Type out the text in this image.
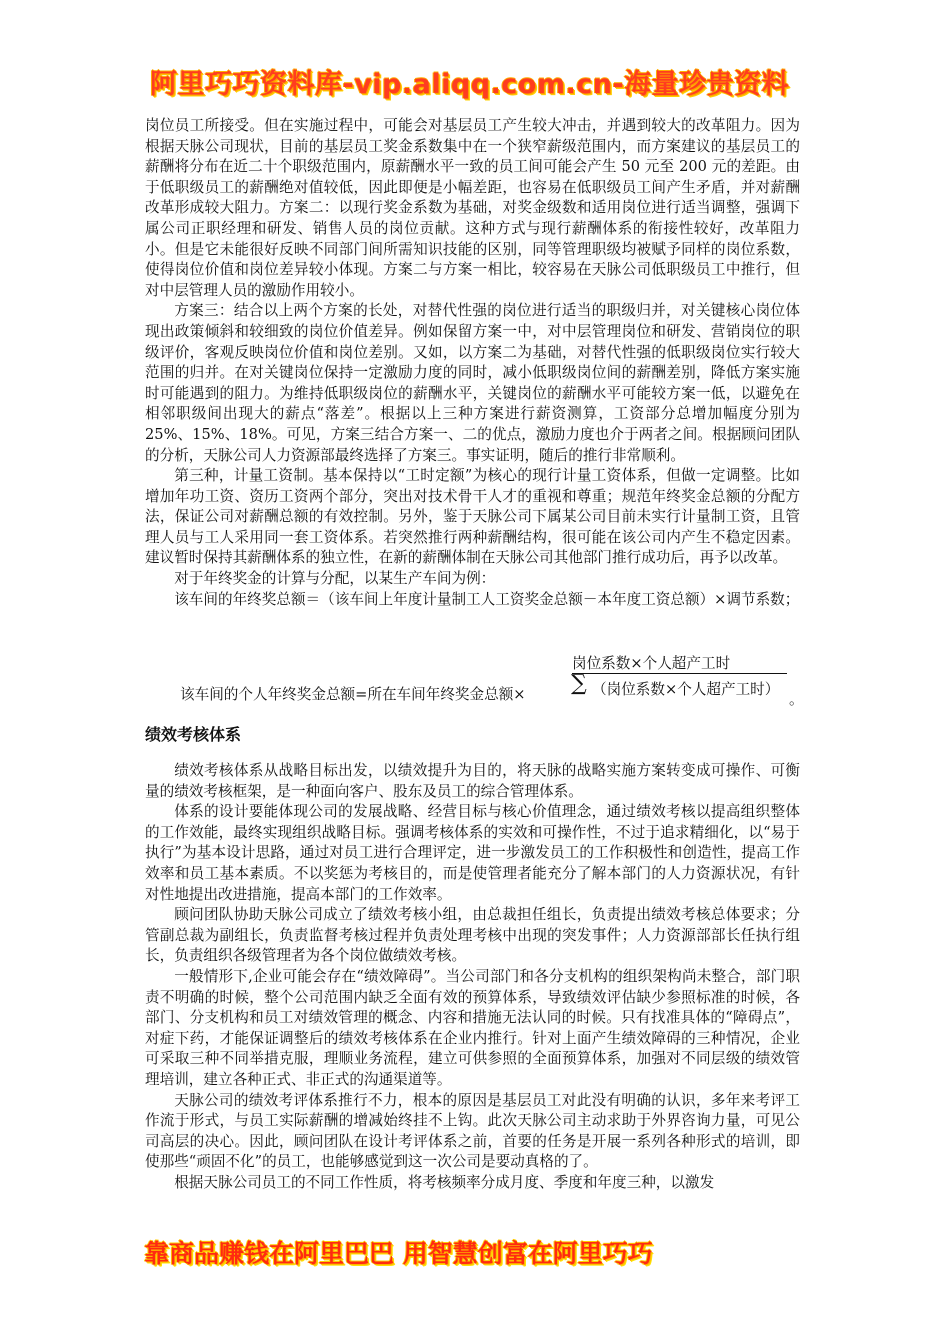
阿里巧巧资料库-vip.aliqq.com.cn-海量珍贵资料

岗位员工所接受。但在实施过程中，可能会对基层员工产生较大冲击，并遇到较大的改革阻力。因为根据天脉公司现状，目前的基层员工奖金系数集中在一个狭窄薪级范围内，而方案建议的基层员工的薪酬将分布在近二十个职级范围内，原薪酬水平一致的员工间可能会产生 50 元至 200 元的差距。由于低职级员工的薪酬绝对值较低，因此即便是小幅差距，也容易在低职级员工间产生矛盾，并对薪酬改革形成较大阻力。方案二：以现行奖金系数为基础，对奖金级数和适用岗位进行适当调整，强调下属公司正职经理和研发、销售人员的岗位贡献。这种方式与现行薪酬体系的衔接性较好，改革阻力小。但是它未能很好反映不同部门间所需知识技能的区别，同等管理职级均被赋予同样的岗位系数，使得岗位价值和岗位差异较小体现。方案二与方案一相比，较容易在天脉公司低职级员工中推行，但对中层管理人员的激励作用较小。

方案三：结合以上两个方案的长处，对替代性强的岗位进行适当的职级归并，对关键核心岗位体现出政策倾斜和较细致的岗位价值差异。例如保留方案一中，对中层管理岗位和研发、营销岗位的职级评价，客观反映岗位价值和岗位差别。又如，以方案二为基础，对替代性强的低职级岗位实行较大范围的归并。在对关键岗位保持一定激励力度的同时，减小低职级岗位间的薪酬差别，降低方案实施时可能遇到的阻力。为维持低职级岗位的薪酬水平，关键岗位的薪酬水平可能较方案一低，以避免在相邻职级间出现大的薪点“落差”。根据以上三种方案进行薪资测算，工资部分总增加幅度分别为 25%、15%、18%。可见，方案三结合方案一、二的优点，激励力度也介于两者之间。根据顾问团队的分析，天脉公司人力资源部最终选择了方案三。事实证明，随后的推行非常顺利。

第三种，计量工资制。基本保持以“工时定额”为核心的现行计量工资体系，但做一定调整。比如增加年功工资、资历工资两个部分，突出对技术骨干人才的重视和尊重；规范年终奖金总额的分配方法，保证公司对薪酬总额的有效控制。另外，鉴于天脉公司下属某公司目前未实行计量制工资，且管理人员与工人采用同一套工资体系。若突然推行两种薪酬结构，很可能在该公司内产生不稳定因素。建议暂时保持其薪酬体系的独立性，在新的薪酬体制在天脉公司其他部门推行成功后，再予以改革。

对于年终奖金的计算与分配，以某生产车间为例：

该车间的年终奖总额＝（该车间上年度计量制工人工资奖金总额－本年度工资总额）×调节系数；

该车间的个人年终奖金总额=所在车间年终奖金总额×
岗位系数×个人超产工时
∑ （岗位系数×个人超产工时）
。
绩效考核体系

绩效考核体系从战略目标出发，以绩效提升为目的，将天脉的战略实施方案转变成可操作、可衡量的绩效考核框架，是一种面向客户、股东及员工的综合管理体系。

体系的设计要能体现公司的发展战略、经营目标与核心价值理念，通过绩效考核以提高组织整体的工作效能，最终实现组织战略目标。强调考核体系的实效和可操作性，不过于追求精细化，以“易于执行”为基本设计思路，通过对员工进行合理评定，进一步激发员工的工作积极性和创造性，提高工作效率和员工基本素质。不以奖惩为考核目的，而是使管理者能充分了解本部门的人力资源状况，有针对性地提出改进措施，提高本部门的工作效率。

顾问团队协助天脉公司成立了绩效考核小组，由总裁担任组长，负责提出绩效考核总体要求；分管副总裁为副组长，负责监督考核过程并负责处理考核中出现的突发事件；人力资源部部长任执行组长，负责组织各级管理者为各个岗位做绩效考核。

一般情形下,企业可能会存在“绩效障碍”。当公司部门和各分支机构的组织架构尚未整合，部门职责不明确的时候，整个公司范围内缺乏全面有效的预算体系，导致绩效评估缺少参照标准的时候，各部门、分支机构和员工对绩效管理的概念、内容和措施无法认同的时候。只有找准具体的“障碍点”，对症下药，才能保证调整后的绩效考核体系在企业内推行。针对上面产生绩效障碍的三种情况，企业可采取三种不同举措克服，理顺业务流程，建立可供参照的全面预算体系，加强对不同层级的绩效管理培训，建立各种正式、非正式的沟通渠道等。

天脉公司的绩效考评体系推行不力，根本的原因是基层员工对此没有明确的认识，多年来考评工作流于形式，与员工实际薪酬的增减始终挂不上钩。此次天脉公司主动求助于外界咨询力量，可见公司高层的决心。因此，顾问团队在设计考评体系之前，首要的任务是开展一系列各种形式的培训，即使那些“顽固不化”的员工，也能够感觉到这一次公司是要动真格的了。

根据天脉公司员工的不同工作性质，将考核频率分成月度、季度和年度三种，以激发

靠商品赚钱在阿里巴巴 用智慧创富在阿里巧巧
